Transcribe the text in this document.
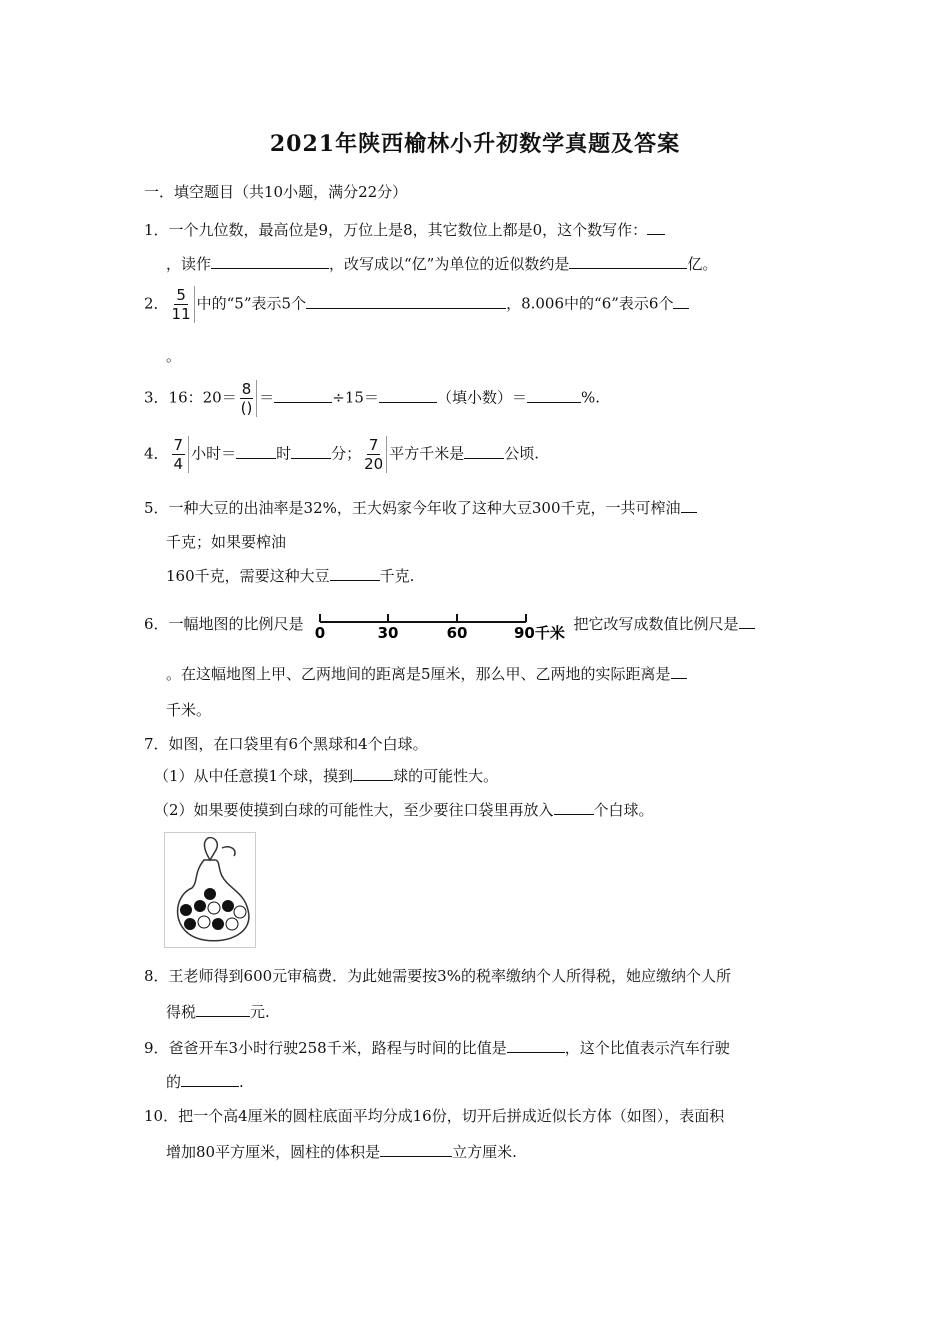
2021年陕西榆林小升初数学真题及答案
一．填空题目（共10小题，满分22分）
1．一个九位数，最高位是9，万位上是8，其它数位上都是0，这个数写作：
，读作	，改写成以“亿”为单位的近似数约是	亿。
2． $\frac{5}{11}$ 中的“5”表示5个	，8.006中的“6”表示6个
。
3．16：$20= \frac{8}{()}$ ＝	÷15＝	（填小数）＝	%.
4． $\frac{7}{4}$ 小时＝	时	分； $\frac{7}{20}$ 平方千米是	公顷.
5．一种大豆的出油率是32%，王大妈家今年收了这种大豆300千克，一共可榨油
千克；如果要榨油
160千克，需要这种大豆	千克.
6．一幅地图的比例尺是 0	30	60	90千米 把它改写成数值比例尺是
。在这幅地图上甲、乙两地间的距离是5厘米，那么甲、乙两地的实际距离是
千米。
7．如图，在口袋里有6个黑球和4个白球。
（1）从中任意摸1个球，摸到	球的可能性大。
（2）如果要使摸到白球的可能性大，至少要往口袋里再放入	个白球。
8．王老师得到600元审稿费．为此她需要按3%的税率缴纳个人所得税，她应缴纳个人所
得税	元.
9．爸爸开车3小时行驶258千米，路程与时间的比值是	，这个比值表示汽车行驶
的	.
10．把一个高4厘米的圆柱底面平均分成16份，切开后拼成近似长方体（如图），表面积
增加80平方厘米，圆柱的体积是	立方厘米.
